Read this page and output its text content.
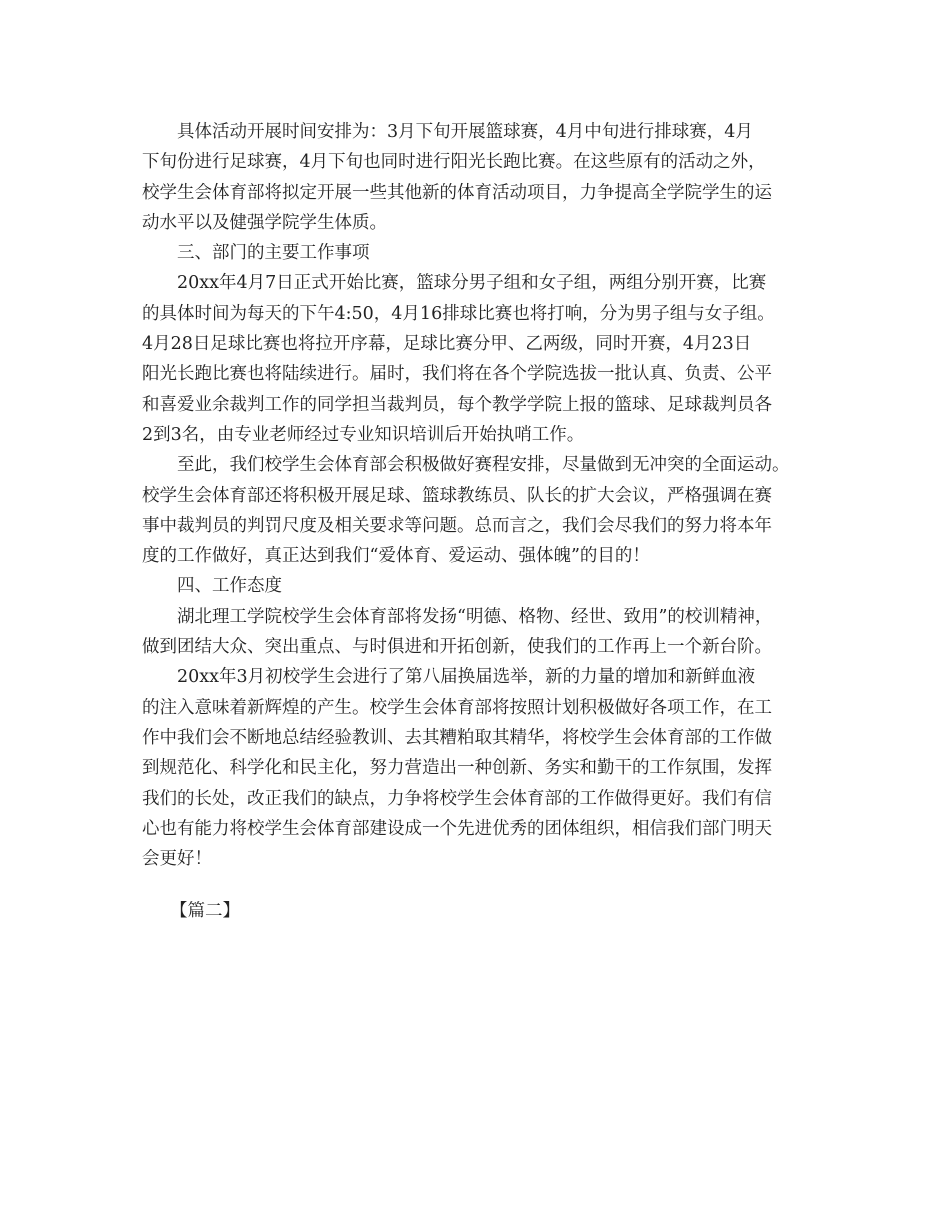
具体活动开展时间安排为：3月下旬开展篮球赛，4月中旬进行排球赛，4月
下旬份进行足球赛，4月下旬也同时进行阳光长跑比赛。在这些原有的活动之外，
校学生会体育部将拟定开展一些其他新的体育活动项目，力争提高全学院学生的运
动水平以及健强学院学生体质。
三、部门的主要工作事项
20xx年4月7日正式开始比赛，篮球分男子组和女子组，两组分别开赛，比赛
的具体时间为每天的下午4:50，4月16排球比赛也将打响，分为男子组与女子组。
4月28日足球比赛也将拉开序幕，足球比赛分甲、乙两级，同时开赛，4月23日
阳光长跑比赛也将陆续进行。届时，我们将在各个学院选拔一批认真、负责、公平
和喜爱业余裁判工作的同学担当裁判员，每个教学学院上报的篮球、足球裁判员各
2到3名，由专业老师经过专业知识培训后开始执哨工作。
至此，我们校学生会体育部会积极做好赛程安排，尽量做到无冲突的全面运动。
校学生会体育部还将积极开展足球、篮球教练员、队长的扩大会议，严格强调在赛
事中裁判员的判罚尺度及相关要求等问题。总而言之，我们会尽我们的努力将本年
度的工作做好，真正达到我们“爱体育、爱运动、强体魄”的目的！
四、工作态度
湖北理工学院校学生会体育部将发扬“明德、格物、经世、致用”的校训精神，
做到团结大众、突出重点、与时俱进和开拓创新，使我们的工作再上一个新台阶。
20xx年3月初校学生会进行了第八届换届选举，新的力量的增加和新鲜血液
的注入意味着新辉煌的产生。校学生会体育部将按照计划积极做好各项工作，在工
作中我们会不断地总结经验教训、去其糟粕取其精华，将校学生会体育部的工作做
到规范化、科学化和民主化，努力营造出一种创新、务实和勤干的工作氛围，发挥
我们的长处，改正我们的缺点，力争将校学生会体育部的工作做得更好。我们有信
心也有能力将校学生会体育部建设成一个先进优秀的团体组织，相信我们部门明天
会更好！
【篇二】
